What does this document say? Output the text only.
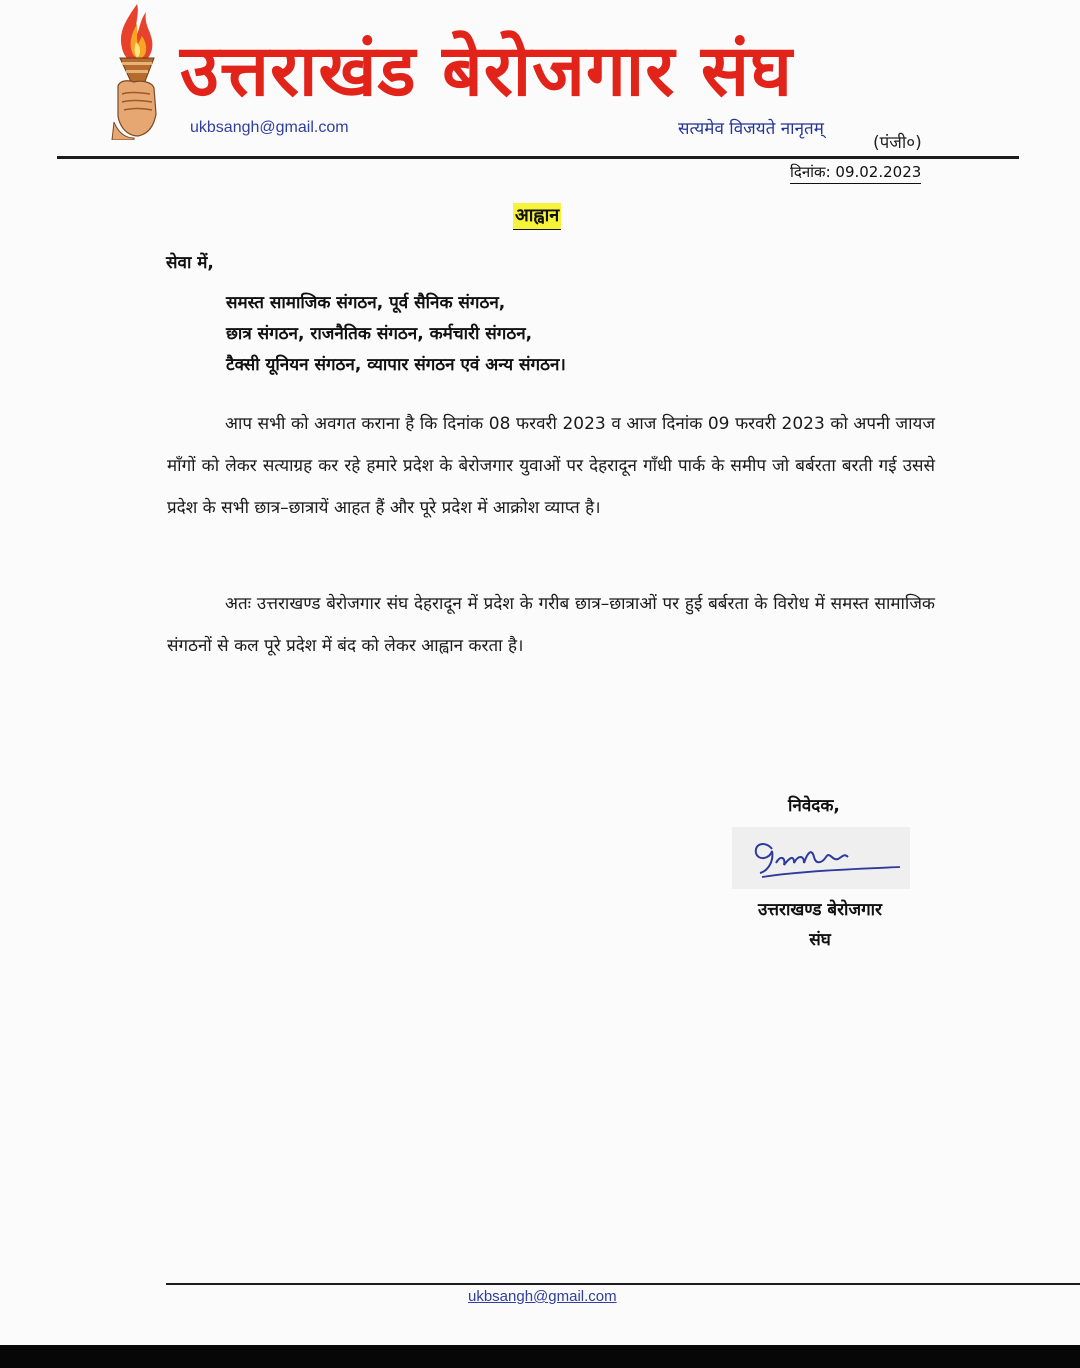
उत्तराखंड बेरोजगार संघ
ukbsangh@gmail.com	सत्यमेव विजयते नानृतम्
(पंजी०)
दिनांक: 09.02.2023
आह्वान
सेवा में,
समस्त सामाजिक संगठन, पूर्व सैनिक संगठन,
छात्र संगठन, राजनैतिक संगठन, कर्मचारी संगठन,
टैक्सी यूनियन संगठन, व्यापार संगठन एवं अन्य संगठन।

आप सभी को अवगत कराना है कि दिनांक 08 फरवरी 2023 व आज दिनांक 09 फरवरी 2023 को अपनी जायज माँगों को लेकर सत्याग्रह कर रहे हमारे प्रदेश के बेरोजगार युवाओं पर देहरादून गाँधी पार्क के समीप जो बर्बरता बरती गई उससे प्रदेश के सभी छात्र–छात्रायें आहत हैं और पूरे प्रदेश में आक्रोश व्याप्त है।

अतः उत्तराखण्ड बेरोजगार संघ देहरादून में प्रदेश के गरीब छात्र–छात्राओं पर हुई बर्बरता के विरोध में समस्त सामाजिक संगठनों से कल पूरे प्रदेश में बंद को लेकर आह्वान करता है।

निवेदक,
उत्तराखण्ड बेरोजगार
संघ
ukbsangh@gmail.com
